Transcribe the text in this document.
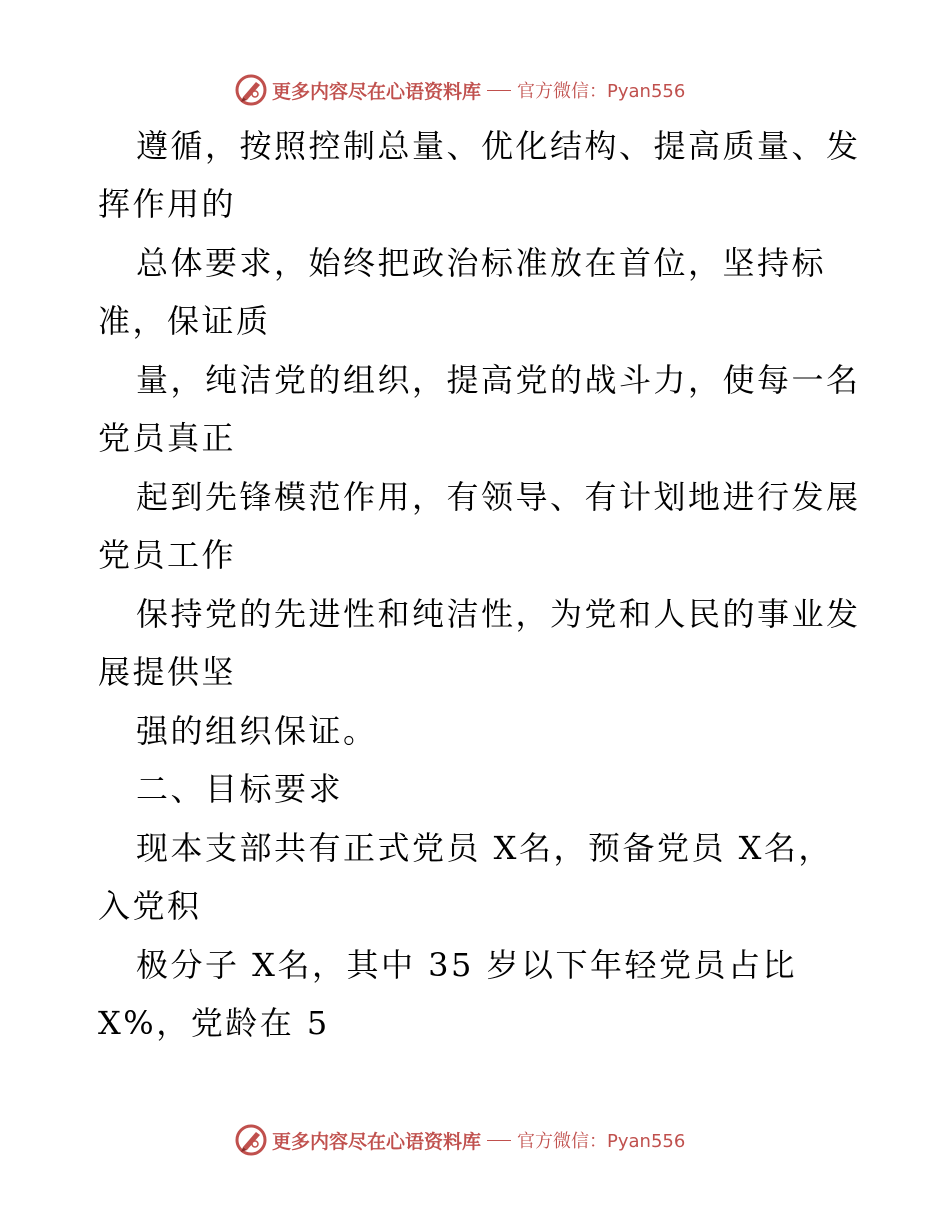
更多内容尽在心语资料库 官方微信：Pyan556
遵循，按照控制总量、优化结构、提高质量、发
挥作用的
总体要求，始终把政治标准放在首位，坚持标
准，保证质
量，纯洁党的组织，提高党的战斗力，使每一名
党员真正
起到先锋模范作用，有领导、有计划地进行发展
党员工作
保持党的先进性和纯洁性，为党和人民的事业发
展提供坚
强的组织保证。
二、目标要求
现本支部共有正式党员 X名，预备党员 X名，
入党积
极分子 X名，其中 35 岁以下年轻党员占比
X%，党龄在 5
更多内容尽在心语资料库 官方微信：Pyan556
